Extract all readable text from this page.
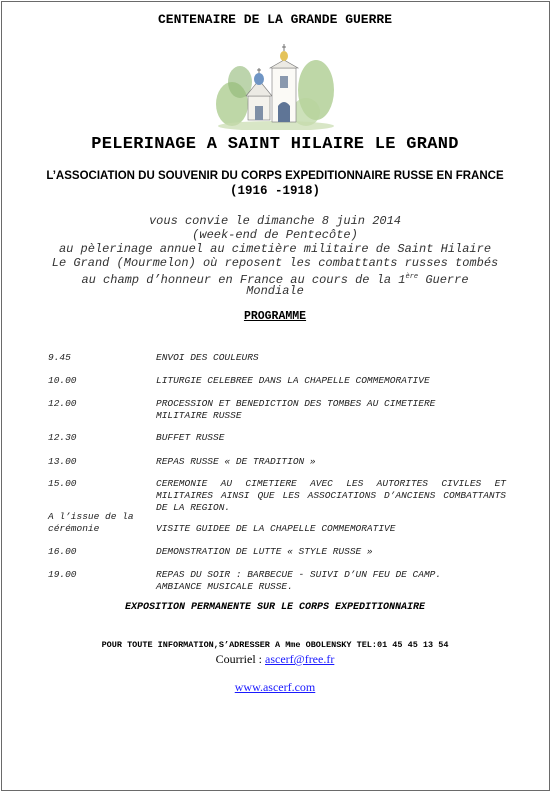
CENTENAIRE DE LA GRANDE GUERRE
PELERINAGE A SAINT HILAIRE LE GRAND
L’ASSOCIATION DU SOUVENIR DU CORPS EXPEDITIONNAIRE RUSSE EN FRANCE
(1916 -1918)
vous convie le dimanche 8 juin 2014
(week-end de Pentecôte)
au pèlerinage annuel au cimetière militaire de Saint Hilaire
Le Grand (Mourmelon) où reposent les combattants russes tombés
au champ d’honneur en France au cours de la 1ère Guerre
Mondiale
PROGRAMME
9.45	ENVOI DES COULEURS
10.00	LITURGIE CELEBREE DANS LA CHAPELLE COMMEMORATIVE
12.00	PROCESSION ET BENEDICTION DES TOMBES AU CIMETIERE MILITAIRE RUSSE
12.30	BUFFET RUSSE
13.00	REPAS RUSSE « DE TRADITION »
15.00	CEREMONIE AU CIMETIERE AVEC LES AUTORITES CIVILES ET MILITAIRES AINSI QUE LES ASSOCIATIONS D’ANCIENS COMBATTANTS DE LA REGION.
A l’issue de la cérémonie	VISITE GUIDEE DE LA CHAPELLE COMMEMORATIVE
16.00	DEMONSTRATION DE LUTTE « STYLE RUSSE »
19.00	REPAS DU SOIR : BARBECUE - SUIVI D’UN FEU DE CAMP. AMBIANCE MUSICALE RUSSE.
EXPOSITION PERMANENTE SUR LE CORPS EXPEDITIONNAIRE
POUR TOUTE INFORMATION,S’ADRESSER A Mme OBOLENSKY TEL:01 45 45 13 54
Courriel : ascerf@free.fr
www.ascerf.com
